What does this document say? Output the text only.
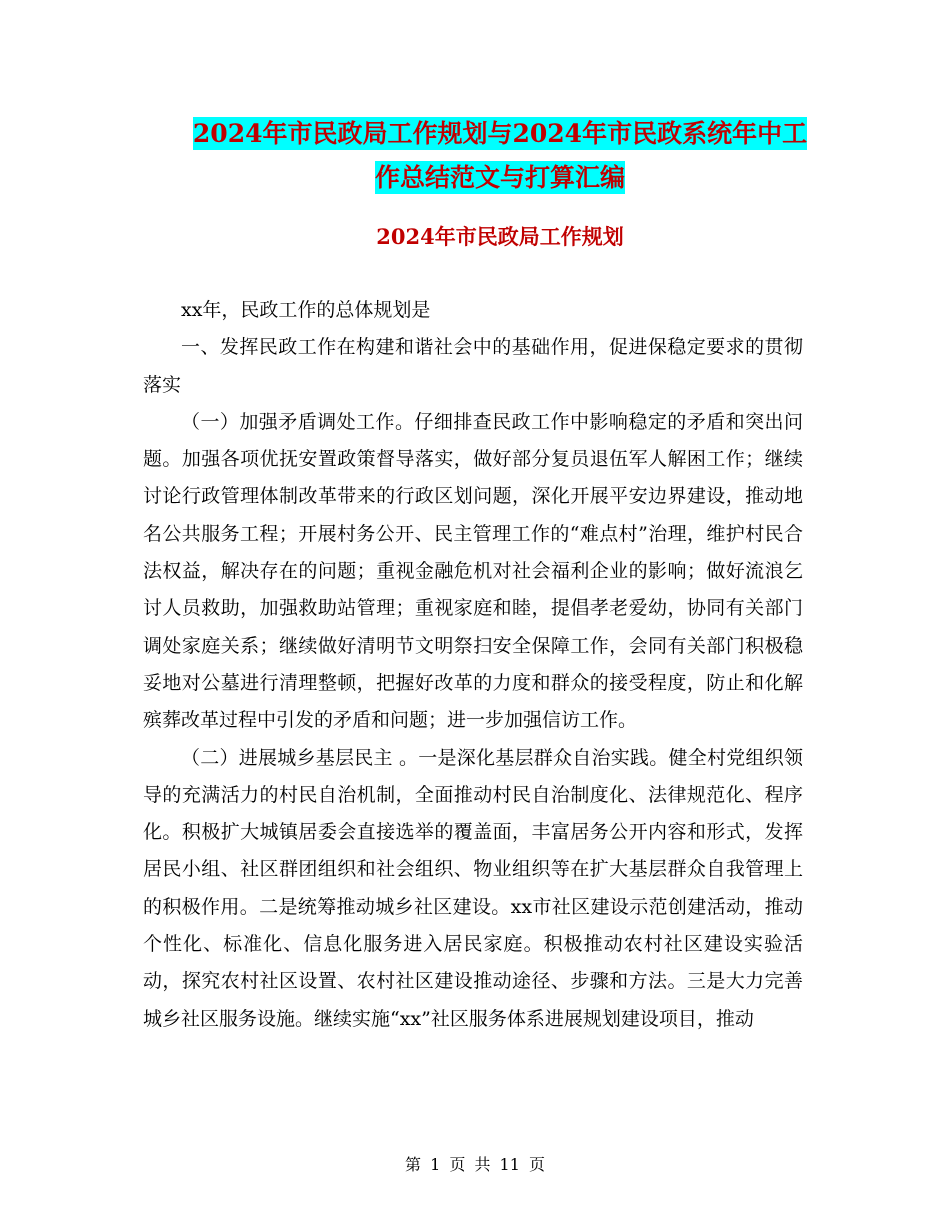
2024年市民政局工作规划与2024年市民政系统年中工
作总结范文与打算汇编
2024年市民政局工作规划

xx年，民政工作的总体规划是

一、发挥民政工作在构建和谐社会中的基础作用，促进保稳定要求的贯彻落实

（一）加强矛盾调处工作。仔细排查民政工作中影响稳定的矛盾和突出问题。加强各项优抚安置政策督导落实，做好部分复员退伍军人解困工作；继续讨论行政管理体制改革带来的行政区划问题，深化开展平安边界建设，推动地名公共服务工程；开展村务公开、民主管理工作的“难点村”治理，维护村民合法权益，解决存在的问题；重视金融危机对社会福利企业的影响；做好流浪乞讨人员救助，加强救助站管理；重视家庭和睦，提倡孝老爱幼，协同有关部门调处家庭关系；继续做好清明节文明祭扫安全保障工作，会同有关部门积极稳妥地对公墓进行清理整顿，把握好改革的力度和群众的接受程度，防止和化解殡葬改革过程中引发的矛盾和问题；进一步加强信访工作。

（二）进展城乡基层民主 。一是深化基层群众自治实践。健全村党组织领导的充满活力的村民自治机制，全面推动村民自治制度化、法律规范化、程序化。积极扩大城镇居委会直接选举的覆盖面，丰富居务公开内容和形式，发挥居民小组、社区群团组织和社会组织、物业组织等在扩大基层群众自我管理上的积极作用。二是统筹推动城乡社区建设。xx市社区建设示范创建活动，推动个性化、标准化、信息化服务进入居民家庭。积极推动农村社区建设实验活动，探究农村社区设置、农村社区建设推动途径、步骤和方法。三是大力完善城乡社区服务设施。继续实施“xx”社区服务体系进展规划建设项目，推动

第 1 页 共 11 页
